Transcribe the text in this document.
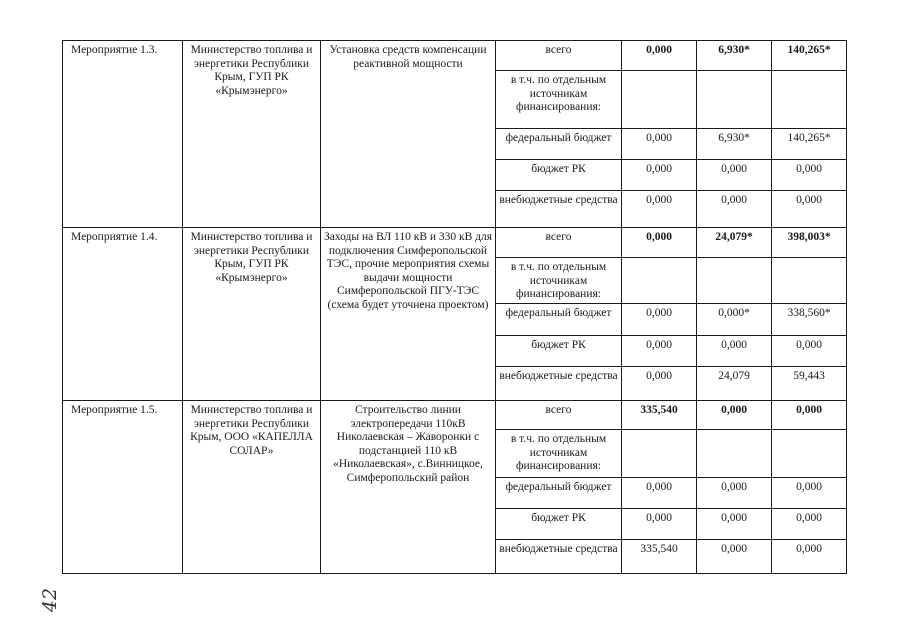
Мероприятие 1.3.	Министерство топлива и энергетики Республики Крым, ГУП РК «Крымэнерго»	Установка средств компенсации реактивной мощности	всего	0,000	6,930*	140,265*
			в т.ч. по отдельным источникам финансирования:			
			федеральный бюджет	0,000	6,930*	140,265*
			бюджет РК	0,000	0,000	0,000
			внебюджетные средства	0,000	0,000	0,000
Мероприятие 1.4.	Министерство топлива и энергетики Республики Крым, ГУП РК «Крымэнерго»	Заходы на ВЛ 110 кВ и 330 кВ для подключения Симферопольской ТЭС, прочие мероприятия схемы выдачи мощности Симферопольской ПГУ-ТЭС (схема будет уточнена проектом)	всего	0,000	24,079*	398,003*
			в т.ч. по отдельным источникам финансирования:			
			федеральный бюджет	0,000	0,000*	338,560*
			бюджет РК	0,000	0,000	0,000
			внебюджетные средства	0,000	24,079	59,443
Мероприятие 1.5.	Министерство топлива и энергетики Республики Крым, ООО «КАПЕЛЛА СОЛАР»	Строительство линии электропередачи 110кВ Николаевская – Жаворонки с подстанцией 110 кВ «Николаевская», с.Винницкое, Симферопольский район	всего	335,540	0,000	0,000
			в т.ч. по отдельным источникам финансирования:			
			федеральный бюджет	0,000	0,000	0,000
			бюджет РК	0,000	0,000	0,000
			внебюджетные средства	335,540	0,000	0,000
42
